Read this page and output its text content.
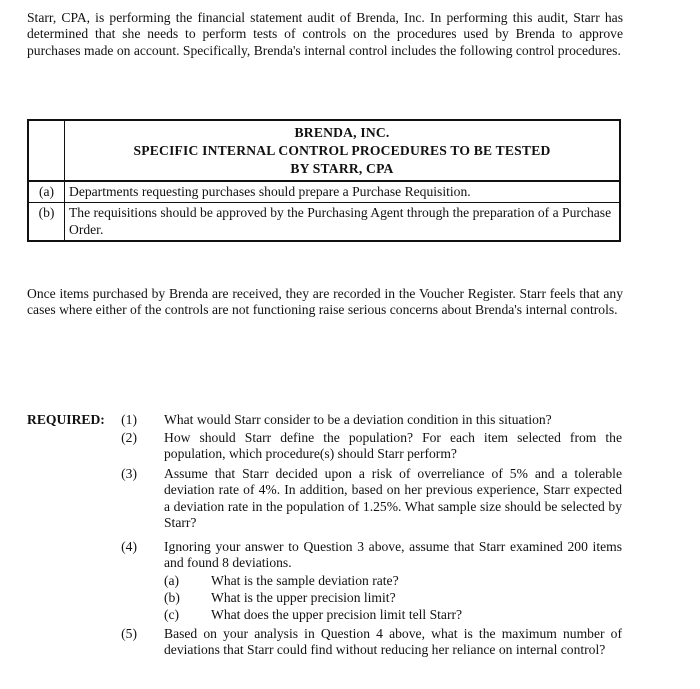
Starr, CPA, is performing the financial statement audit of Brenda, Inc. In performing this audit, Starr has determined that she needs to perform tests of controls on the procedures used by Brenda to approve purchases made on account. Specifically, Brenda's internal control includes the following control procedures.
BRENDA, INC.
SPECIFIC INTERNAL CONTROL PROCEDURES TO BE TESTED
BY STARR, CPA
(a)	Departments requesting purchases should prepare a Purchase Requisition.
(b)	The requisitions should be approved by the Purchasing Agent through the preparation of a Purchase Order.
Once items purchased by Brenda are received, they are recorded in the Voucher Register. Starr feels that any cases where either of the controls are not functioning raise serious concerns about Brenda's internal controls.
REQUIRED:	(1) What would Starr consider to be a deviation condition in this situation?
(2) How should Starr define the population? For each item selected from the population, which procedure(s) should Starr perform?
(3) Assume that Starr decided upon a risk of overreliance of 5% and a tolerable deviation rate of 4%. In addition, based on her previous experience, Starr expected a deviation rate in the population of 1.25%. What sample size should be selected by Starr?
(4) Ignoring your answer to Question 3 above, assume that Starr examined 200 items and found 8 deviations.
(a)	What is the sample deviation rate?
(b)	What is the upper precision limit?
(c)	What does the upper precision limit tell Starr?
(5) Based on your analysis in Question 4 above, what is the maximum number of deviations that Starr could find without reducing her reliance on internal control?
